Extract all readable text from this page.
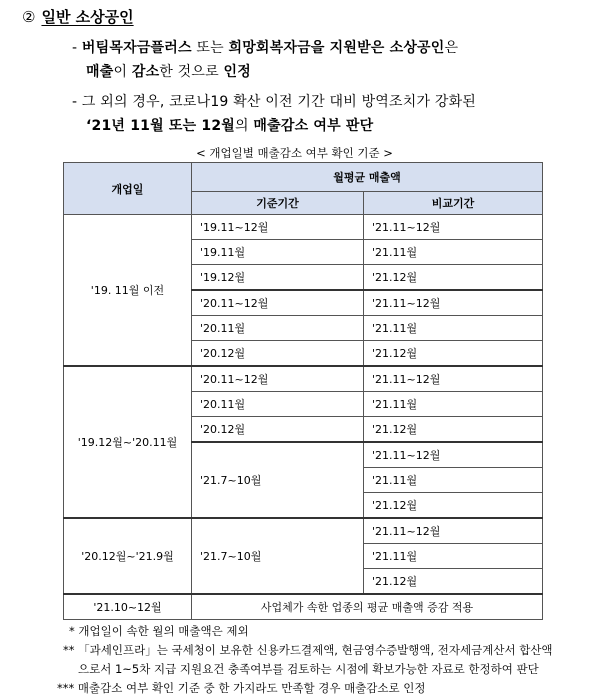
② 일반 소상공인
- 버팀목자금플러스 또는 희망회복자금을 지원받은 소상공인은
매출이 감소한 것으로 인정
- 그 외의 경우, 코로나19 확산 이전 기간 대비 방역조치가 강화된
‘21년 11월 또는 12월의 매출감소 여부 판단
< 개업일별 매출감소 여부 확인 기준 >
개업일	월평균 매출액	
	기준기간	비교기간
'19. 11월 이전	'19.11~12월	'21.11~12월
	'19.11월	'21.11월
	'19.12월	'21.12월
	'20.11~12월	'21.11~12월
	'20.11월	'21.11월
	'20.12월	'21.12월
'19.12월~'20.11월	'20.11~12월	'21.11~12월
	'20.11월	'21.11월
	'20.12월	'21.12월
	'21.7~10월	'21.11~12월
		'21.11월
		'21.12월
'20.12월~'21.9월	'21.7~10월	'21.11~12월
		'21.11월
		'21.12월
'21.10~12월	사업체가 속한 업종의 평균 매출액 증감 적용	
* 개업일이 속한 월의 매출액은 제외
** 「과세인프라」는 국세청이 보유한 신용카드결제액, 현금영수증발행액, 전자세금계산서 합산액
으로서 1~5차 지급 지원요건 충족여부를 검토하는 시점에 확보가능한 자료로 한정하여 판단
*** 매출감소 여부 확인 기준 중 한 가지라도 만족할 경우 매출감소로 인정
